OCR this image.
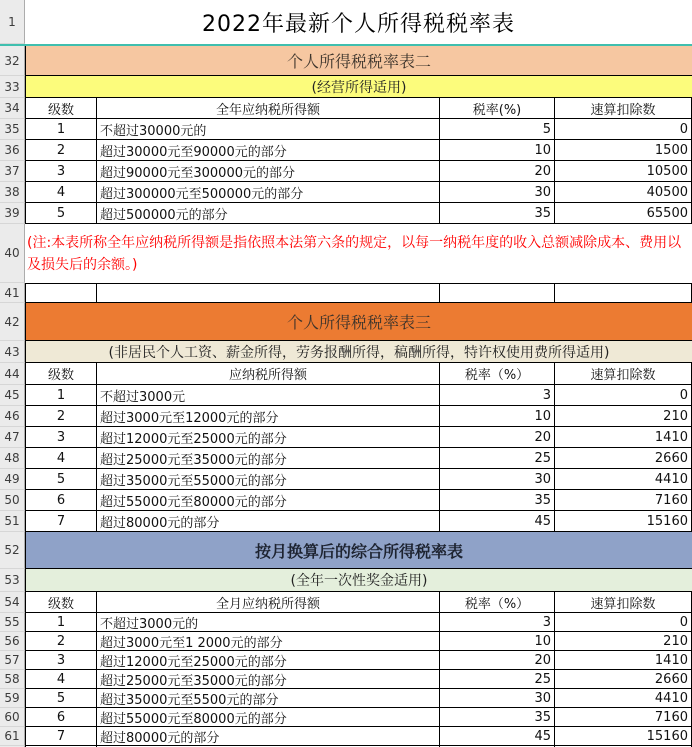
1	2022年最新个人所得税税率表
32	个人所得税税率表二
33	(经营所得适用)
34	级数	全年应纳税所得额	税率(%)	速算扣除数
35	1	不超过30000元的	5	0
36	2	超过30000元至90000元的部分	10	1500
37	3	超过90000元至300000元的部分	20	10500
38	4	超过300000元至500000元的部分	30	40500
39	5	超过500000元的部分	35	65500
40
(注:本表所称全年应纳税所得额是指依照本法第六条的规定，以每一纳税年度的收入总额减除成本、费用以及损失后的余额。)
41
42	个人所得税税率表三
43	(非居民个人工资、薪金所得，劳务报酬所得，稿酬所得，特许权使用费所得适用)
44	级数	应纳税所得额	税率（%）	速算扣除数
45	1	不超过3000元	3	0
46	2	超过3000元至12000元的部分	10	210
47	3	超过12000元至25000元的部分	20	1410
48	4	超过25000元至35000元的部分	25	2660
49	5	超过35000元至55000元的部分	30	4410
50	6	超过55000元至80000元的部分	35	7160
51	7	超过80000元的部分	45	15160
52	按月换算后的综合所得税率表
53	(全年一次性奖金适用)
54	级数	全月应纳税所得额	税率（%）	速算扣除数
55	1	不超过3000元的	3	0
56	2	超过3000元至1 2000元的部分	10	210
57	3	超过12000元至25000元的部分	20	1410
58	4	超过25000元至35000元的部分	25	2660
59	5	超过35000元至5500元的部分	30	4410
60	6	超过55000元至80000元的部分	35	7160
61	7	超过80000元的部分	45	15160
